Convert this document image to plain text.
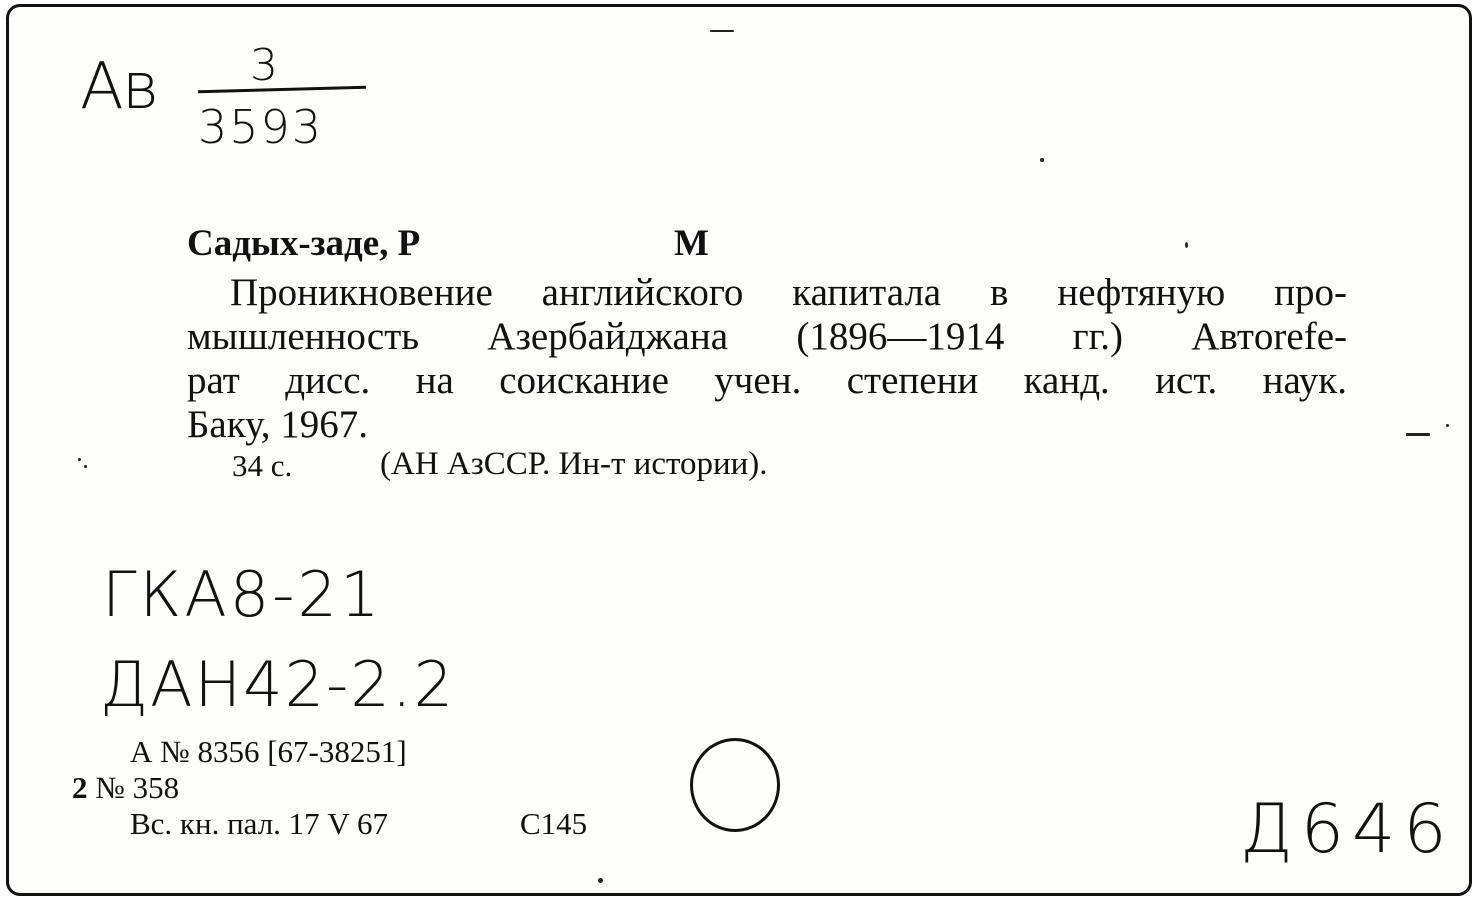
Ав 3
3593
Садых-заде, Р	М
Проникновение английского капитала в нефтяную про-
мышленность Азербайджана (1896—1914 гг.) Автorefe-
рат дисс. на соискание учен. степени канд. ист. наук.
Баку, 1967.
34 с.	(АН АзССР. Ин-т истории).
ГКА8-21
ДАН42-2.2
А № 8356 [67-38251]
2 № 358
Вс. кн. пал. 17 V 67	С145	Д646
